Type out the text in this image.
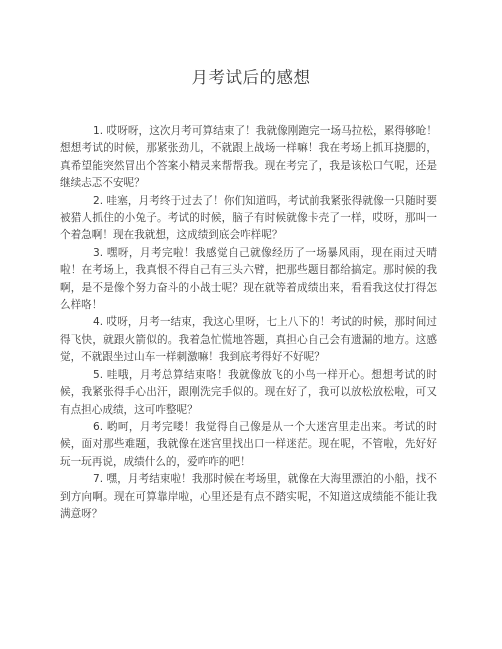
月考试后的感想

1. 哎呀呀，这次月考可算结束了！我就像刚跑完一场马拉松，累得够呛！想想考试的时候，那紧张劲儿，不就跟上战场一样嘛！我在考场上抓耳挠腮的，真希望能突然冒出个答案小精灵来帮帮我。现在考完了，我是该松口气呢，还是继续忐忑不安呢？

2. 哇塞，月考终于过去了！你们知道吗，考试前我紧张得就像一只随时要被猎人抓住的小兔子。考试的时候，脑子有时候就像卡壳了一样，哎呀，那叫一个着急啊！现在我就想，这成绩到底会咋样呢？

3. 嘿呀，月考完啦！我感觉自己就像经历了一场暴风雨，现在雨过天晴啦！在考场上，我真恨不得自己有三头六臂，把那些题目都给搞定。那时候的我啊，是不是像个努力奋斗的小战士呢？现在就等着成绩出来，看看我这仗打得怎么样咯！

4. 哎呀，月考一结束，我这心里呀，七上八下的！考试的时候，那时间过得飞快，就跟火箭似的。我着急忙慌地答题，真担心自己会有遗漏的地方。这感觉，不就跟坐过山车一样刺激嘛！我到底考得好不好呢？

5. 哇哦，月考总算结束咯！我就像放飞的小鸟一样开心。想想考试的时候，我紧张得手心出汗，跟刚洗完手似的。现在好了，我可以放松放松啦，可又有点担心成绩，这可咋整呢？

6. 哟呵，月考完喽！我觉得自己像是从一个大迷宫里走出来。考试的时候，面对那些难题，我就像在迷宫里找出口一样迷茫。现在呢，不管啦，先好好玩一玩再说，成绩什么的，爱咋咋的吧！

7. 嘿，月考结束啦！我那时候在考场里，就像在大海里漂泊的小船，找不到方向啊。现在可算靠岸啦，心里还是有点不踏实呢，不知道这成绩能不能让我满意呀？
